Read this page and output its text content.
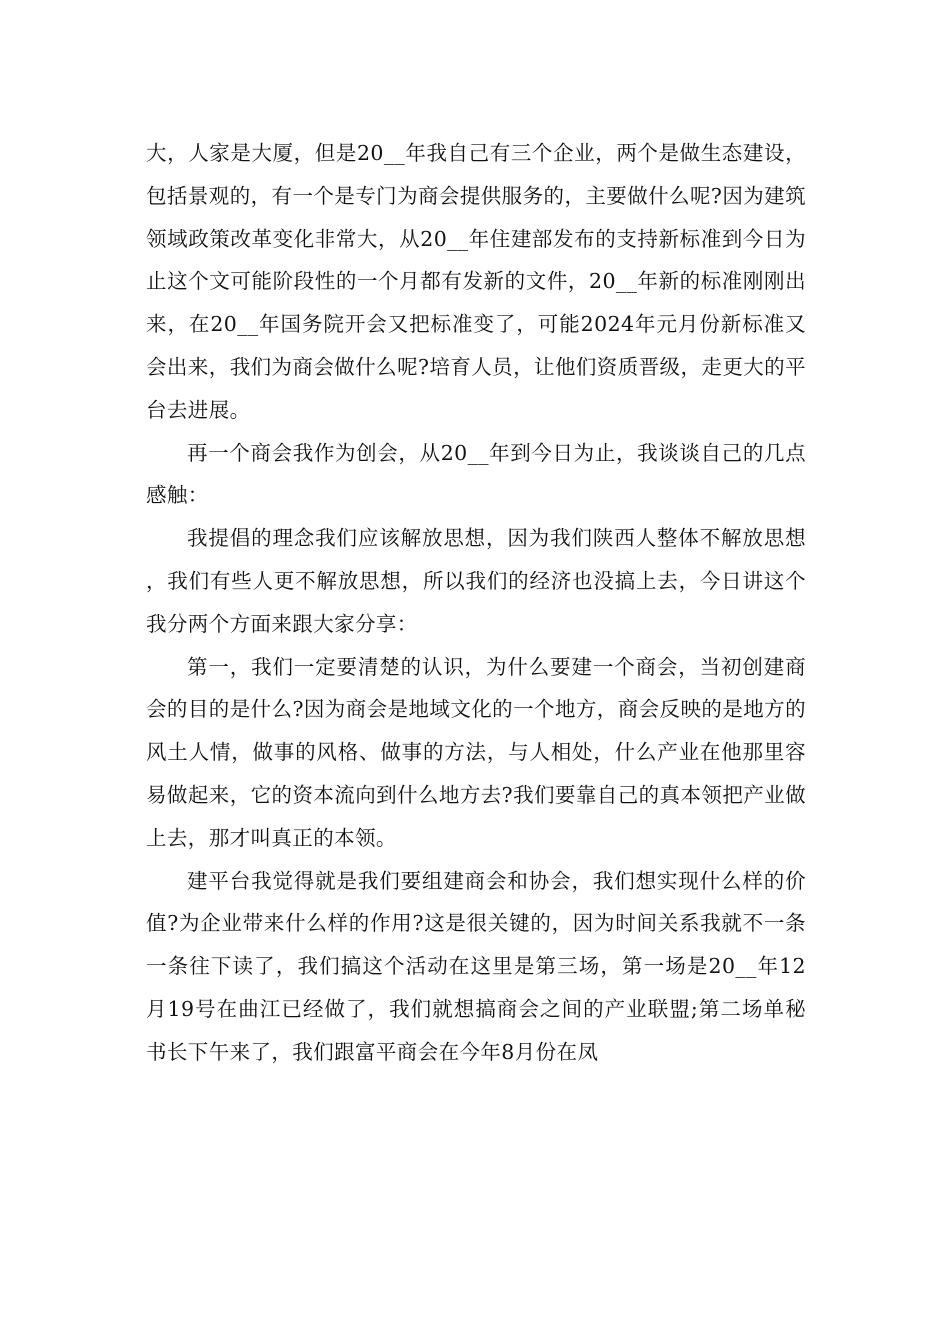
大，人家是大厦，但是20__年我自己有三个企业，两个是做生态建设，包括景观的，有一个是专门为商会提供服务的，主要做什么呢?因为建筑领域政策改革变化非常大，从20__年住建部发布的支持新标准到今日为止这个文可能阶段性的一个月都有发新的文件，20__年新的标准刚刚出来，在20__年国务院开会又把标准变了，可能2024年元月份新标准又会出来，我们为商会做什么呢?培育人员，让他们资质晋级，走更大的平台去进展。

再一个商会我作为创会，从20__年到今日为止，我谈谈自己的几点感触：

我提倡的理念我们应该解放思想，因为我们陕西人整体不解放思想，我们有些人更不解放思想，所以我们的经济也没搞上去，今日讲这个我分两个方面来跟大家分享：

第一，我们一定要清楚的认识，为什么要建一个商会，当初创建商会的目的是什么?因为商会是地域文化的一个地方，商会反映的是地方的风土人情，做事的风格、做事的方法，与人相处，什么产业在他那里容易做起来，它的资本流向到什么地方去?我们要靠自己的真本领把产业做上去，那才叫真正的本领。

建平台我觉得就是我们要组建商会和协会，我们想实现什么样的价值?为企业带来什么样的作用?这是很关键的，因为时间关系我就不一条一条往下读了，我们搞这个活动在这里是第三场，第一场是20__年12月19号在曲江已经做了，我们就想搞商会之间的产业联盟;第二场单秘书长下午来了，我们跟富平商会在今年8月份在凤
